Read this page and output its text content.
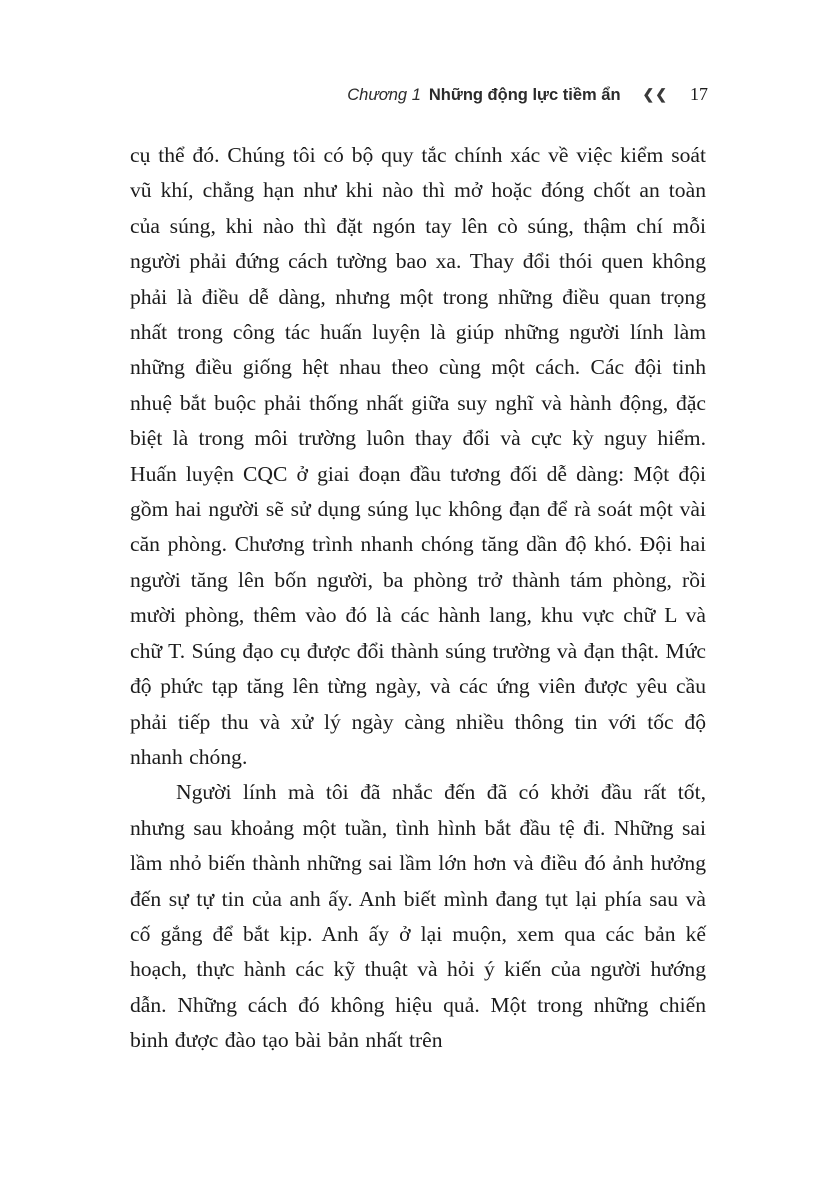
Chương 1 Những động lực tiềm ẩn ❮❮ 17

cụ thể đó. Chúng tôi có bộ quy tắc chính xác về việc kiểm soát vũ khí, chẳng hạn như khi nào thì mở hoặc đóng chốt an toàn của súng, khi nào thì đặt ngón tay lên cò súng, thậm chí mỗi người phải đứng cách tường bao xa. Thay đổi thói quen không phải là điều dễ dàng, nhưng một trong những điều quan trọng nhất trong công tác huấn luyện là giúp những người lính làm những điều giống hệt nhau theo cùng một cách. Các đội tinh nhuệ bắt buộc phải thống nhất giữa suy nghĩ và hành động, đặc biệt là trong môi trường luôn thay đổi và cực kỳ nguy hiểm. Huấn luyện CQC ở giai đoạn đầu tương đối dễ dàng: Một đội gồm hai người sẽ sử dụng súng lục không đạn để rà soát một vài căn phòng. Chương trình nhanh chóng tăng dần độ khó. Đội hai người tăng lên bốn người, ba phòng trở thành tám phòng, rồi mười phòng, thêm vào đó là các hành lang, khu vực chữ L và chữ T. Súng đạo cụ được đổi thành súng trường và đạn thật. Mức độ phức tạp tăng lên từng ngày, và các ứng viên được yêu cầu phải tiếp thu và xử lý ngày càng nhiều thông tin với tốc độ nhanh chóng.

Người lính mà tôi đã nhắc đến đã có khởi đầu rất tốt, nhưng sau khoảng một tuần, tình hình bắt đầu tệ đi. Những sai lầm nhỏ biến thành những sai lầm lớn hơn và điều đó ảnh hưởng đến sự tự tin của anh ấy. Anh biết mình đang tụt lại phía sau và cố gắng để bắt kịp. Anh ấy ở lại muộn, xem qua các bản kế hoạch, thực hành các kỹ thuật và hỏi ý kiến của người hướng dẫn. Những cách đó không hiệu quả. Một trong những chiến binh được đào tạo bài bản nhất trên
